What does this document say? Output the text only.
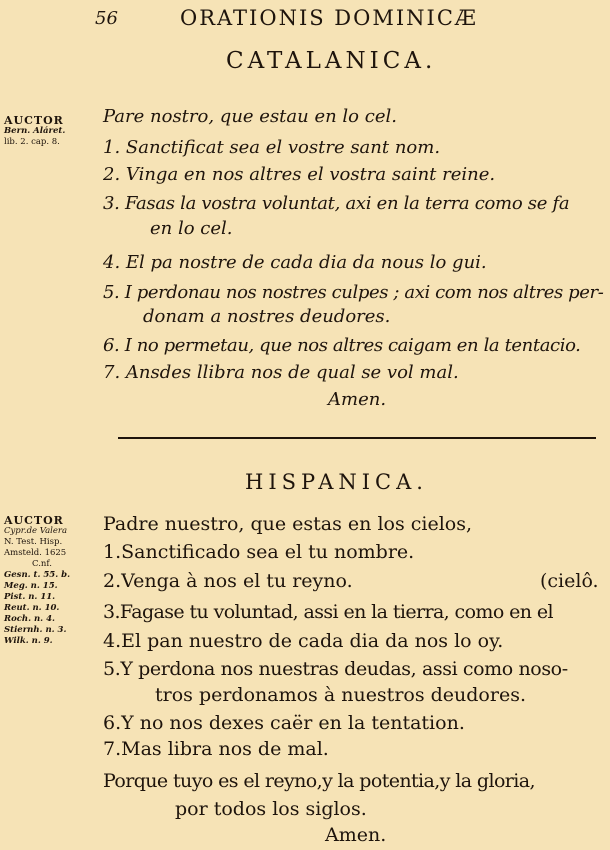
56	ORATIONIS DOMINICÆ
CATALANICA.
AUCTOR
Bern. Aláret.
lib. 2. cap. 8.
Pare nostro, que estau en lo cel.
1. Sanctificat sea el vostre sant nom.
2. Vinga en nos altres el vostra saint reine.
3. Fasas la vostra voluntat, axi en la terra como se fa
en lo cel.
4. El pa nostre de cada dia da nous lo gui.
5. I perdonau nos nostres culpes ; axi com nos altres per-
donam a nostres deudores.
6. I no permetau, que nos altres caigam en la tentacio.
7. Ansdes llibra nos de qual se vol mal.
Amen.
HISPANICA.
AUCTOR
Cypr.de Valera
N. Test. Hisp.
Amsteld. 1625
C.nf.
Gesn. t. 55. b.
Meg. n. 15.
Pist. n. 11.
Reut. n. 10.
Roch. n. 4.
Stiernh. n. 3.
Wilk. n. 9.
Padre nuestro, que estas en los cielos,
1.Sanctificado sea el tu nombre.
2.Venga à nos el tu reyno.	(cielô.
3.Fagase tu voluntad, assi en la tierra, como en el
4.El pan nuestro de cada dia da nos lo oy.
5.Y perdona nos nuestras deudas, assi como noso-
tros perdonamos à nuestros deudores.
6.Y no nos dexes caër en la tentation.
7.Mas libra nos de mal.
Porque tuyo es el reyno,y la potentia,y la gloria,
por todos los siglos.
Amen.
